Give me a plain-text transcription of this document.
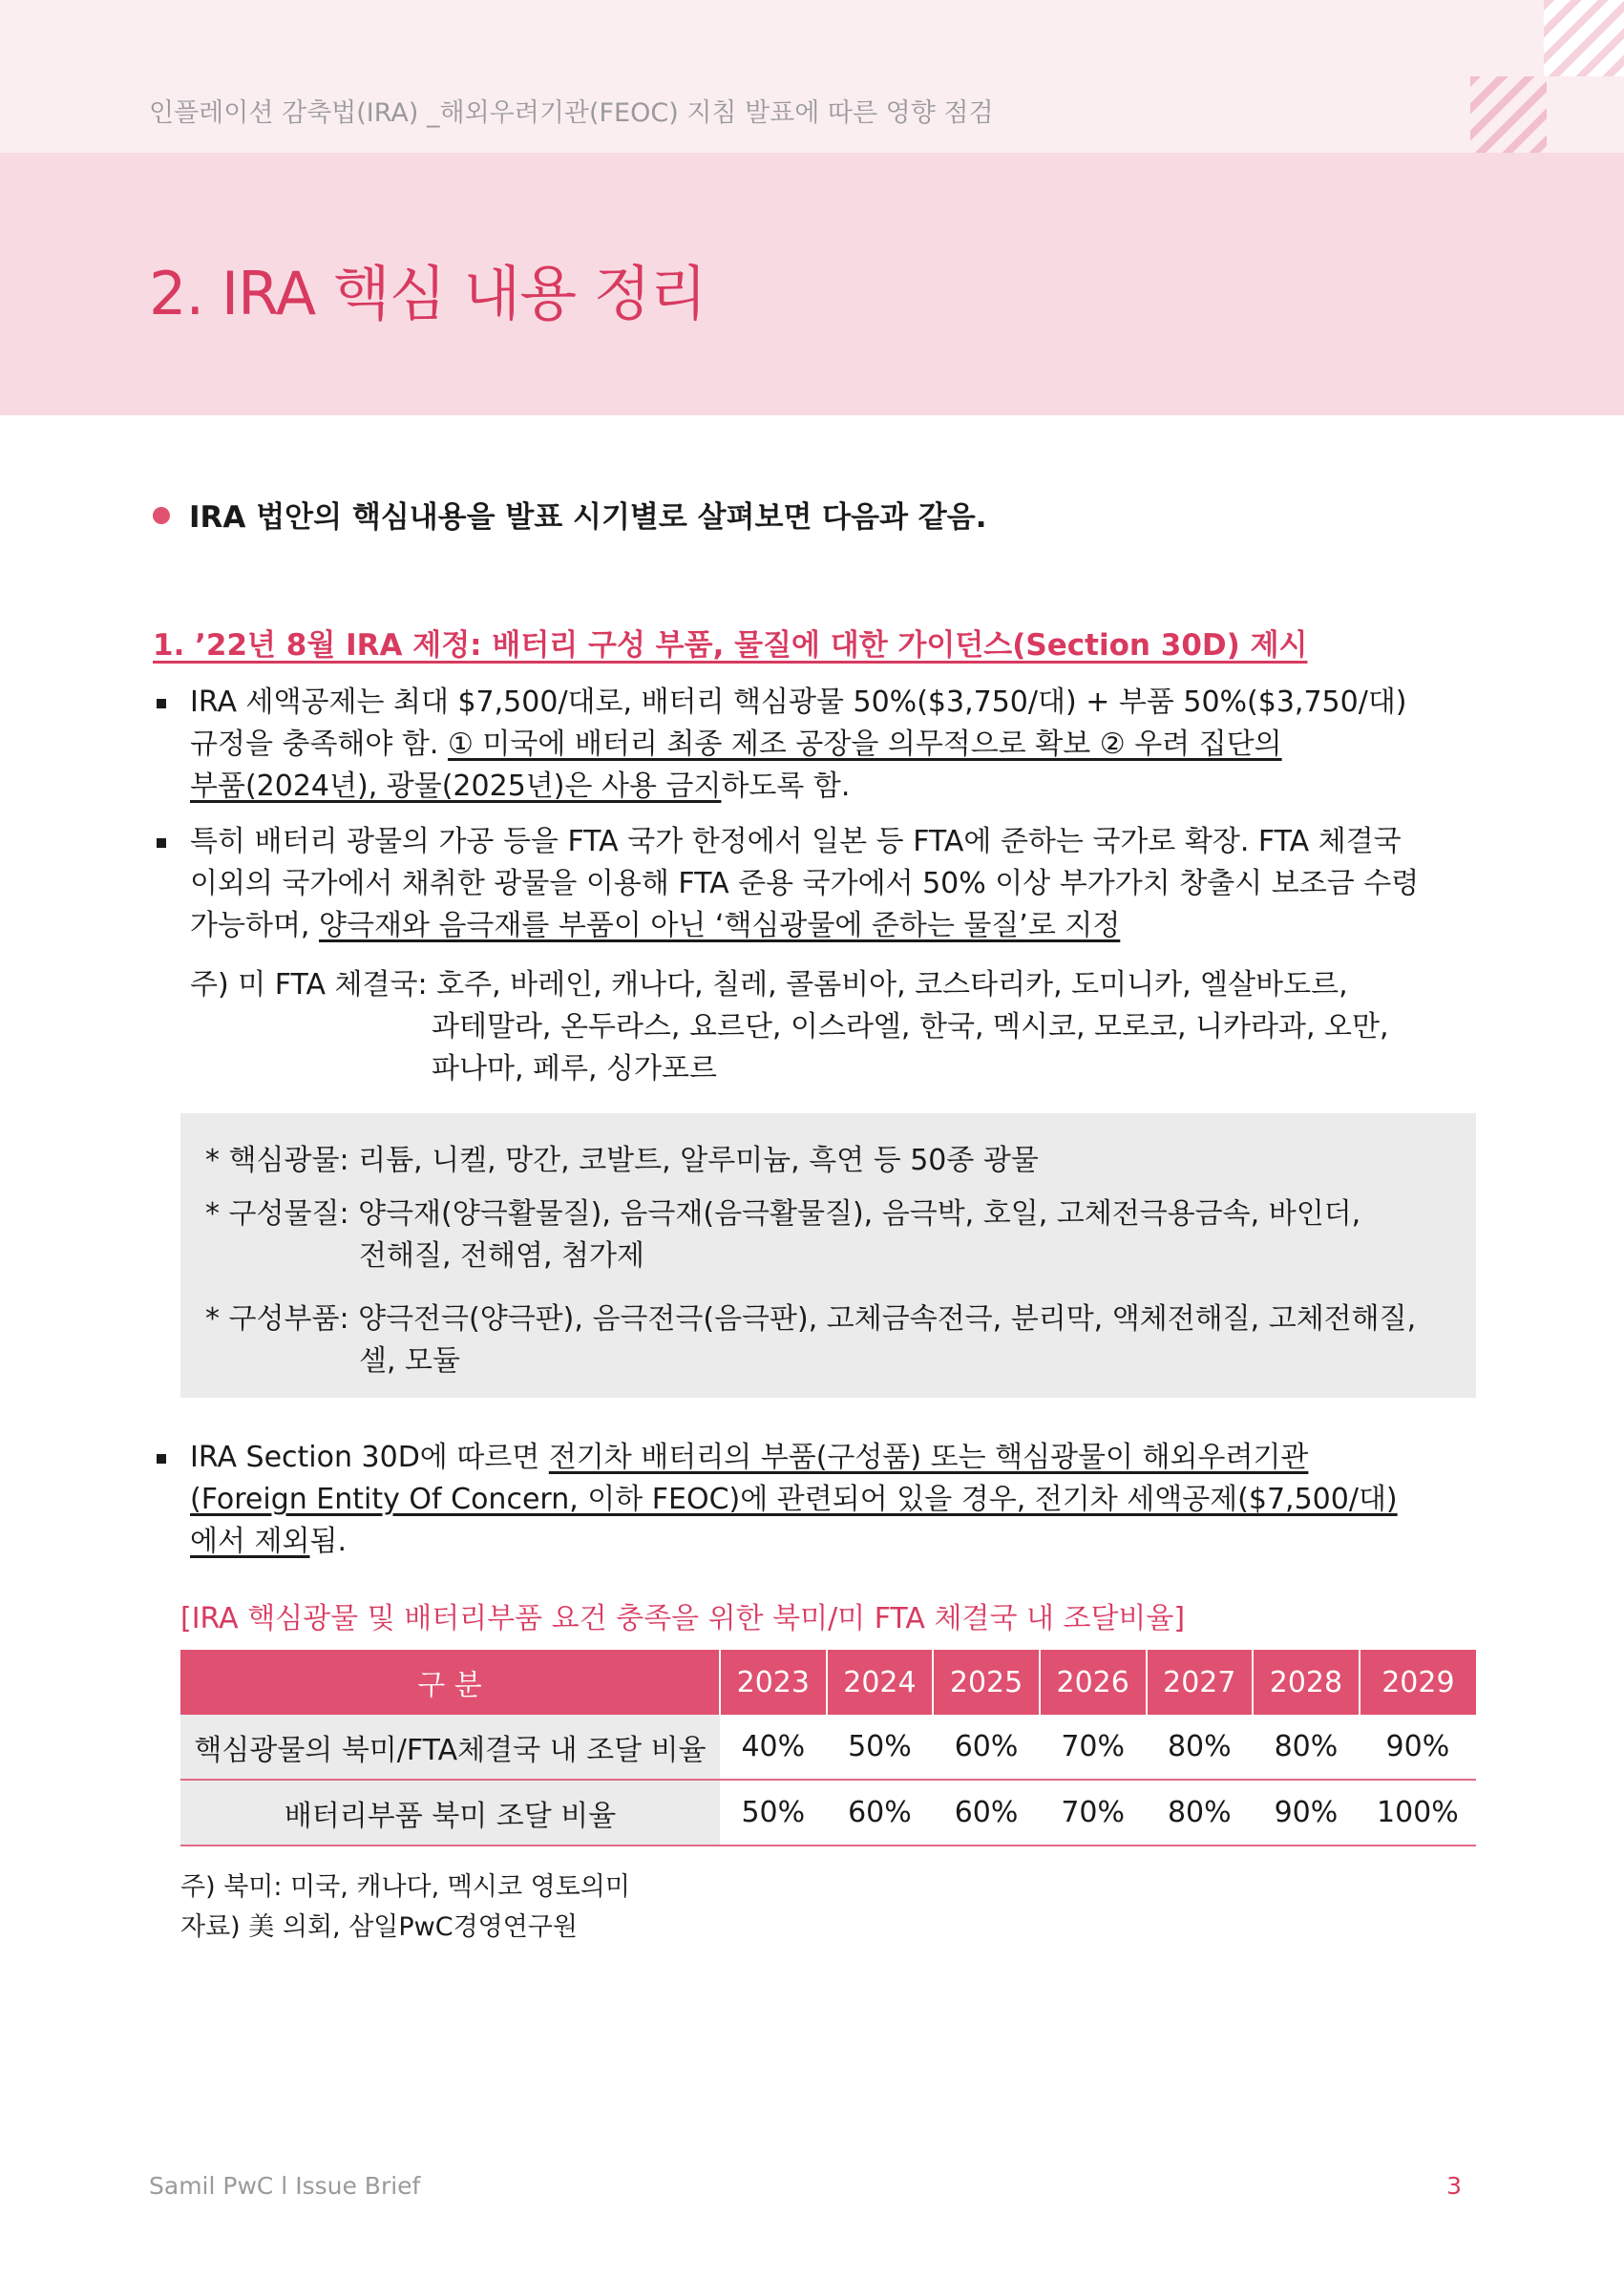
인플레이션 감축법(IRA) _해외우려기관(FEOC) 지침 발표에 따른 영향 점검
2. IRA 핵심 내용 정리
IRA 법안의 핵심내용을 발표 시기별로 살펴보면 다음과 같음.
1. ’22년 8월 IRA 제정: 배터리 구성 부품, 물질에 대한 가이던스(Section 30D) 제시
IRA 세액공제는 최대 $7,500/대로, 배터리 핵심광물 50%($3,750/대) + 부품 50%($3,750/대)
규정을 충족해야 함. ① 미국에 배터리 최종 제조 공장을 의무적으로 확보 ② 우려 집단의
부품(2024년), 광물(2025년)은 사용 금지하도록 함.
특히 배터리 광물의 가공 등을 FTA 국가 한정에서 일본 등 FTA에 준하는 국가로 확장. FTA 체결국
이외의 국가에서 채취한 광물을 이용해 FTA 준용 국가에서 50% 이상 부가가치 창출시 보조금 수령
가능하며, 양극재와 음극재를 부품이 아닌 ‘핵심광물에 준하는 물질’로 지정
주) 미 FTA 체결국: 호주, 바레인, 캐나다, 칠레, 콜롬비아, 코스타리카, 도미니카, 엘살바도르,
과테말라, 온두라스, 요르단, 이스라엘, 한국, 멕시코, 모로코, 니카라과, 오만,
파나마, 페루, 싱가포르
* 핵심광물: 리튬, 니켈, 망간, 코발트, 알루미늄, 흑연 등 50종 광물
* 구성물질: 양극재(양극활물질), 음극재(음극활물질), 음극박, 호일, 고체전극용금속, 바인더,
전해질, 전해염, 첨가제
* 구성부품: 양극전극(양극판), 음극전극(음극판), 고체금속전극, 분리막, 액체전해질, 고체전해질,
셀, 모듈
IRA Section 30D에 따르면 전기차 배터리의 부품(구성품) 또는 핵심광물이 해외우려기관
(Foreign Entity Of Concern, 이하 FEOC)에 관련되어 있을 경우, 전기차 세액공제($7,500/대)
에서 제외됨.
[IRA 핵심광물 및 배터리부품 요건 충족을 위한 북미/미 FTA 체결국 내 조달비율]
구 분	2023	2024	2025	2026	2027	2028	2029
핵심광물의 북미/FTA체결국 내 조달 비율	40%	50%	60%	70%	80%	80%	90%
배터리부품 북미 조달 비율	50%	60%	60%	70%	80%	90%	100%
주) 북미: 미국, 캐나다, 멕시코 영토의미
자료) 美 의회, 삼일PwC경영연구원
Samil PwC l Issue Brief	3
